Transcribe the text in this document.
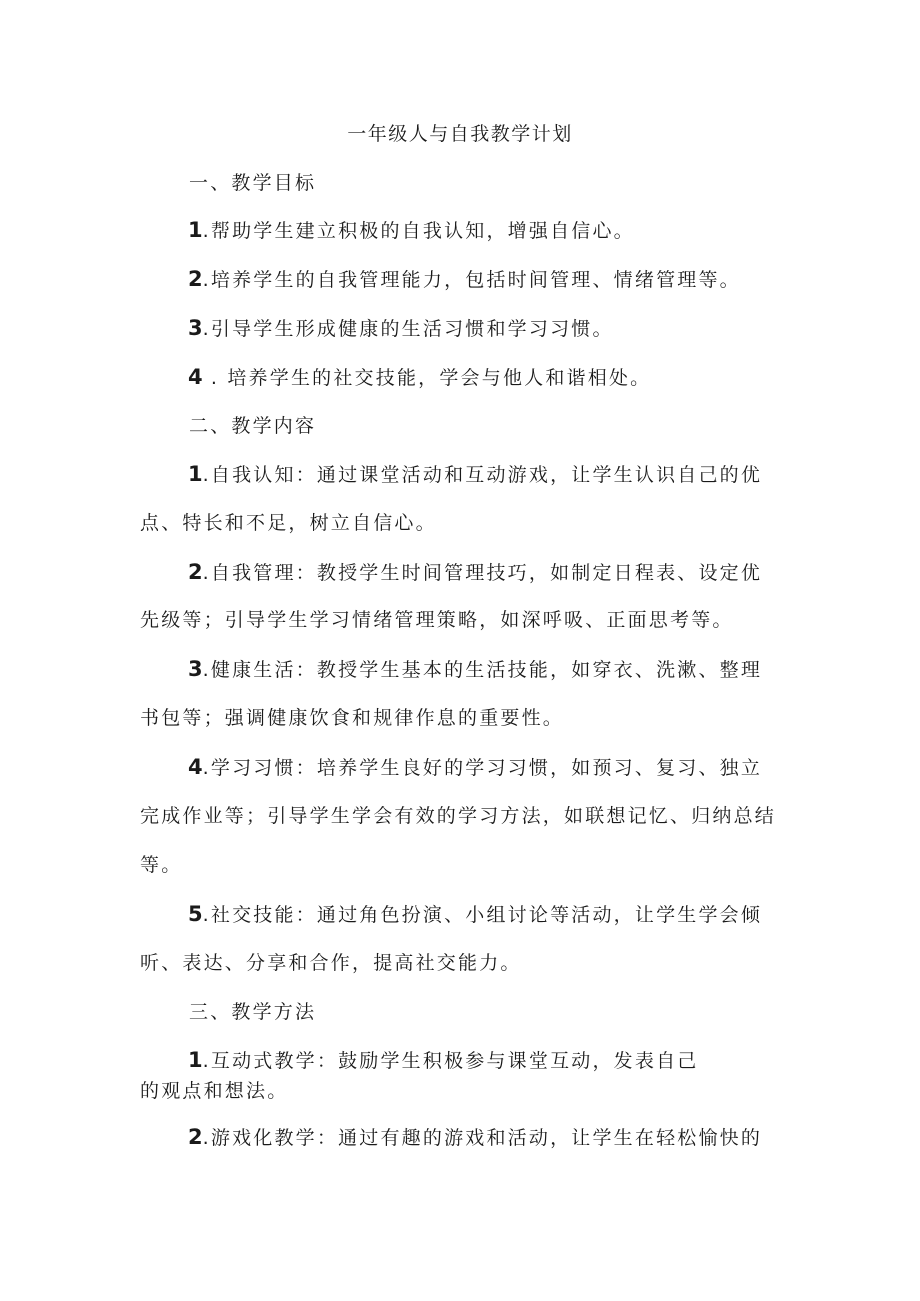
一年级人与自我教学计划
一、教学目标
1.帮助学生建立积极的自我认知，增强自信心。
2.培养学生的自我管理能力，包括时间管理、情绪管理等。
3.引导学生形成健康的生活习惯和学习习惯。
4 . 培养学生的社交技能，学会与他人和谐相处。
二、教学内容
1.自我认知：通过课堂活动和互动游戏，让学生认识自己的优
点、特长和不足，树立自信心。
2.自我管理：教授学生时间管理技巧，如制定日程表、设定优
先级等；引导学生学习情绪管理策略，如深呼吸、正面思考等。
3.健康生活：教授学生基本的生活技能，如穿衣、洗漱、整理
书包等；强调健康饮食和规律作息的重要性。
4.学习习惯：培养学生良好的学习习惯，如预习、复习、独立
完成作业等；引导学生学会有效的学习方法，如联想记忆、归纳总结
等。
5.社交技能：通过角色扮演、小组讨论等活动，让学生学会倾
听、表达、分享和合作，提高社交能力。
三、教学方法
1.互动式教学：鼓励学生积极参与课堂互动，发表自己
的观点和想法。
2.游戏化教学：通过有趣的游戏和活动，让学生在轻松愉快的
